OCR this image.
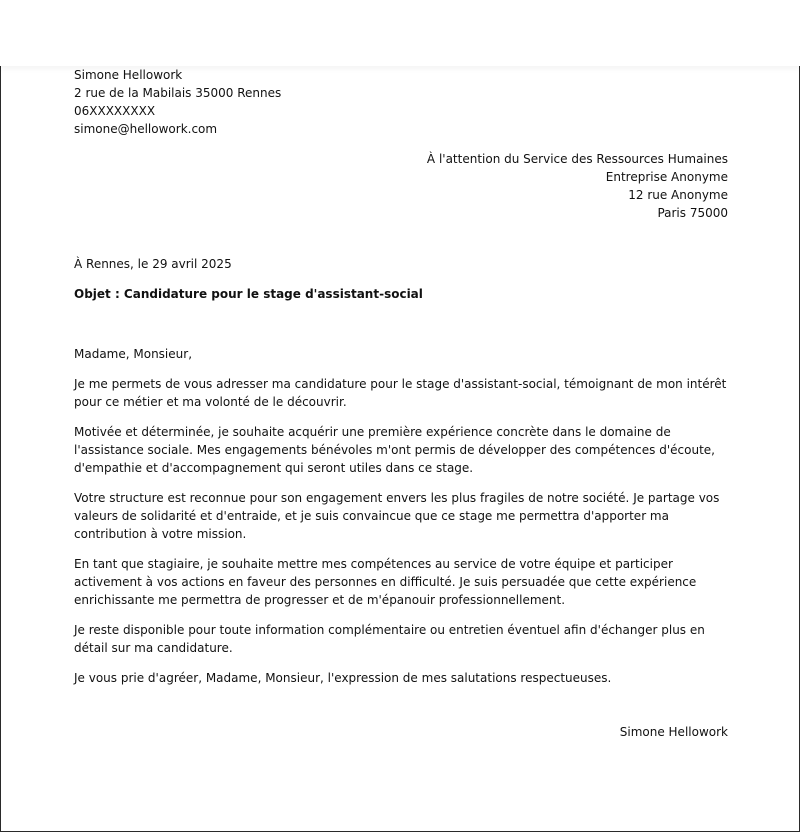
Simone Hellowork

2 rue de la Mabilais 35000 Rennes

06XXXXXXXX

simone@hellowork.com

À l'attention du Service des Ressources Humaines

Entreprise Anonyme

12 rue Anonyme

Paris 75000

À Rennes, le 29 avril 2025

Objet : Candidature pour le stage d'assistant-social

Madame, Monsieur,

Je me permets de vous adresser ma candidature pour le stage d'assistant-social, témoignant de mon intérêt pour ce métier et ma volonté de le découvrir.

Motivée et déterminée, je souhaite acquérir une première expérience concrète dans le domaine de l'assistance sociale. Mes engagements bénévoles m'ont permis de développer des compétences d'écoute, d'empathie et d'accompagnement qui seront utiles dans ce stage.

Votre structure est reconnue pour son engagement envers les plus fragiles de notre société. Je partage vos valeurs de solidarité et d'entraide, et je suis convaincue que ce stage me permettra d'apporter ma contribution à votre mission.

En tant que stagiaire, je souhaite mettre mes compétences au service de votre équipe et participer activement à vos actions en faveur des personnes en difficulté. Je suis persuadée que cette expérience enrichissante me permettra de progresser et de m'épanouir professionnellement.

Je reste disponible pour toute information complémentaire ou entretien éventuel afin d'échanger plus en détail sur ma candidature.

Je vous prie d'agréer, Madame, Monsieur, l'expression de mes salutations respectueuses.

Simone Hellowork
